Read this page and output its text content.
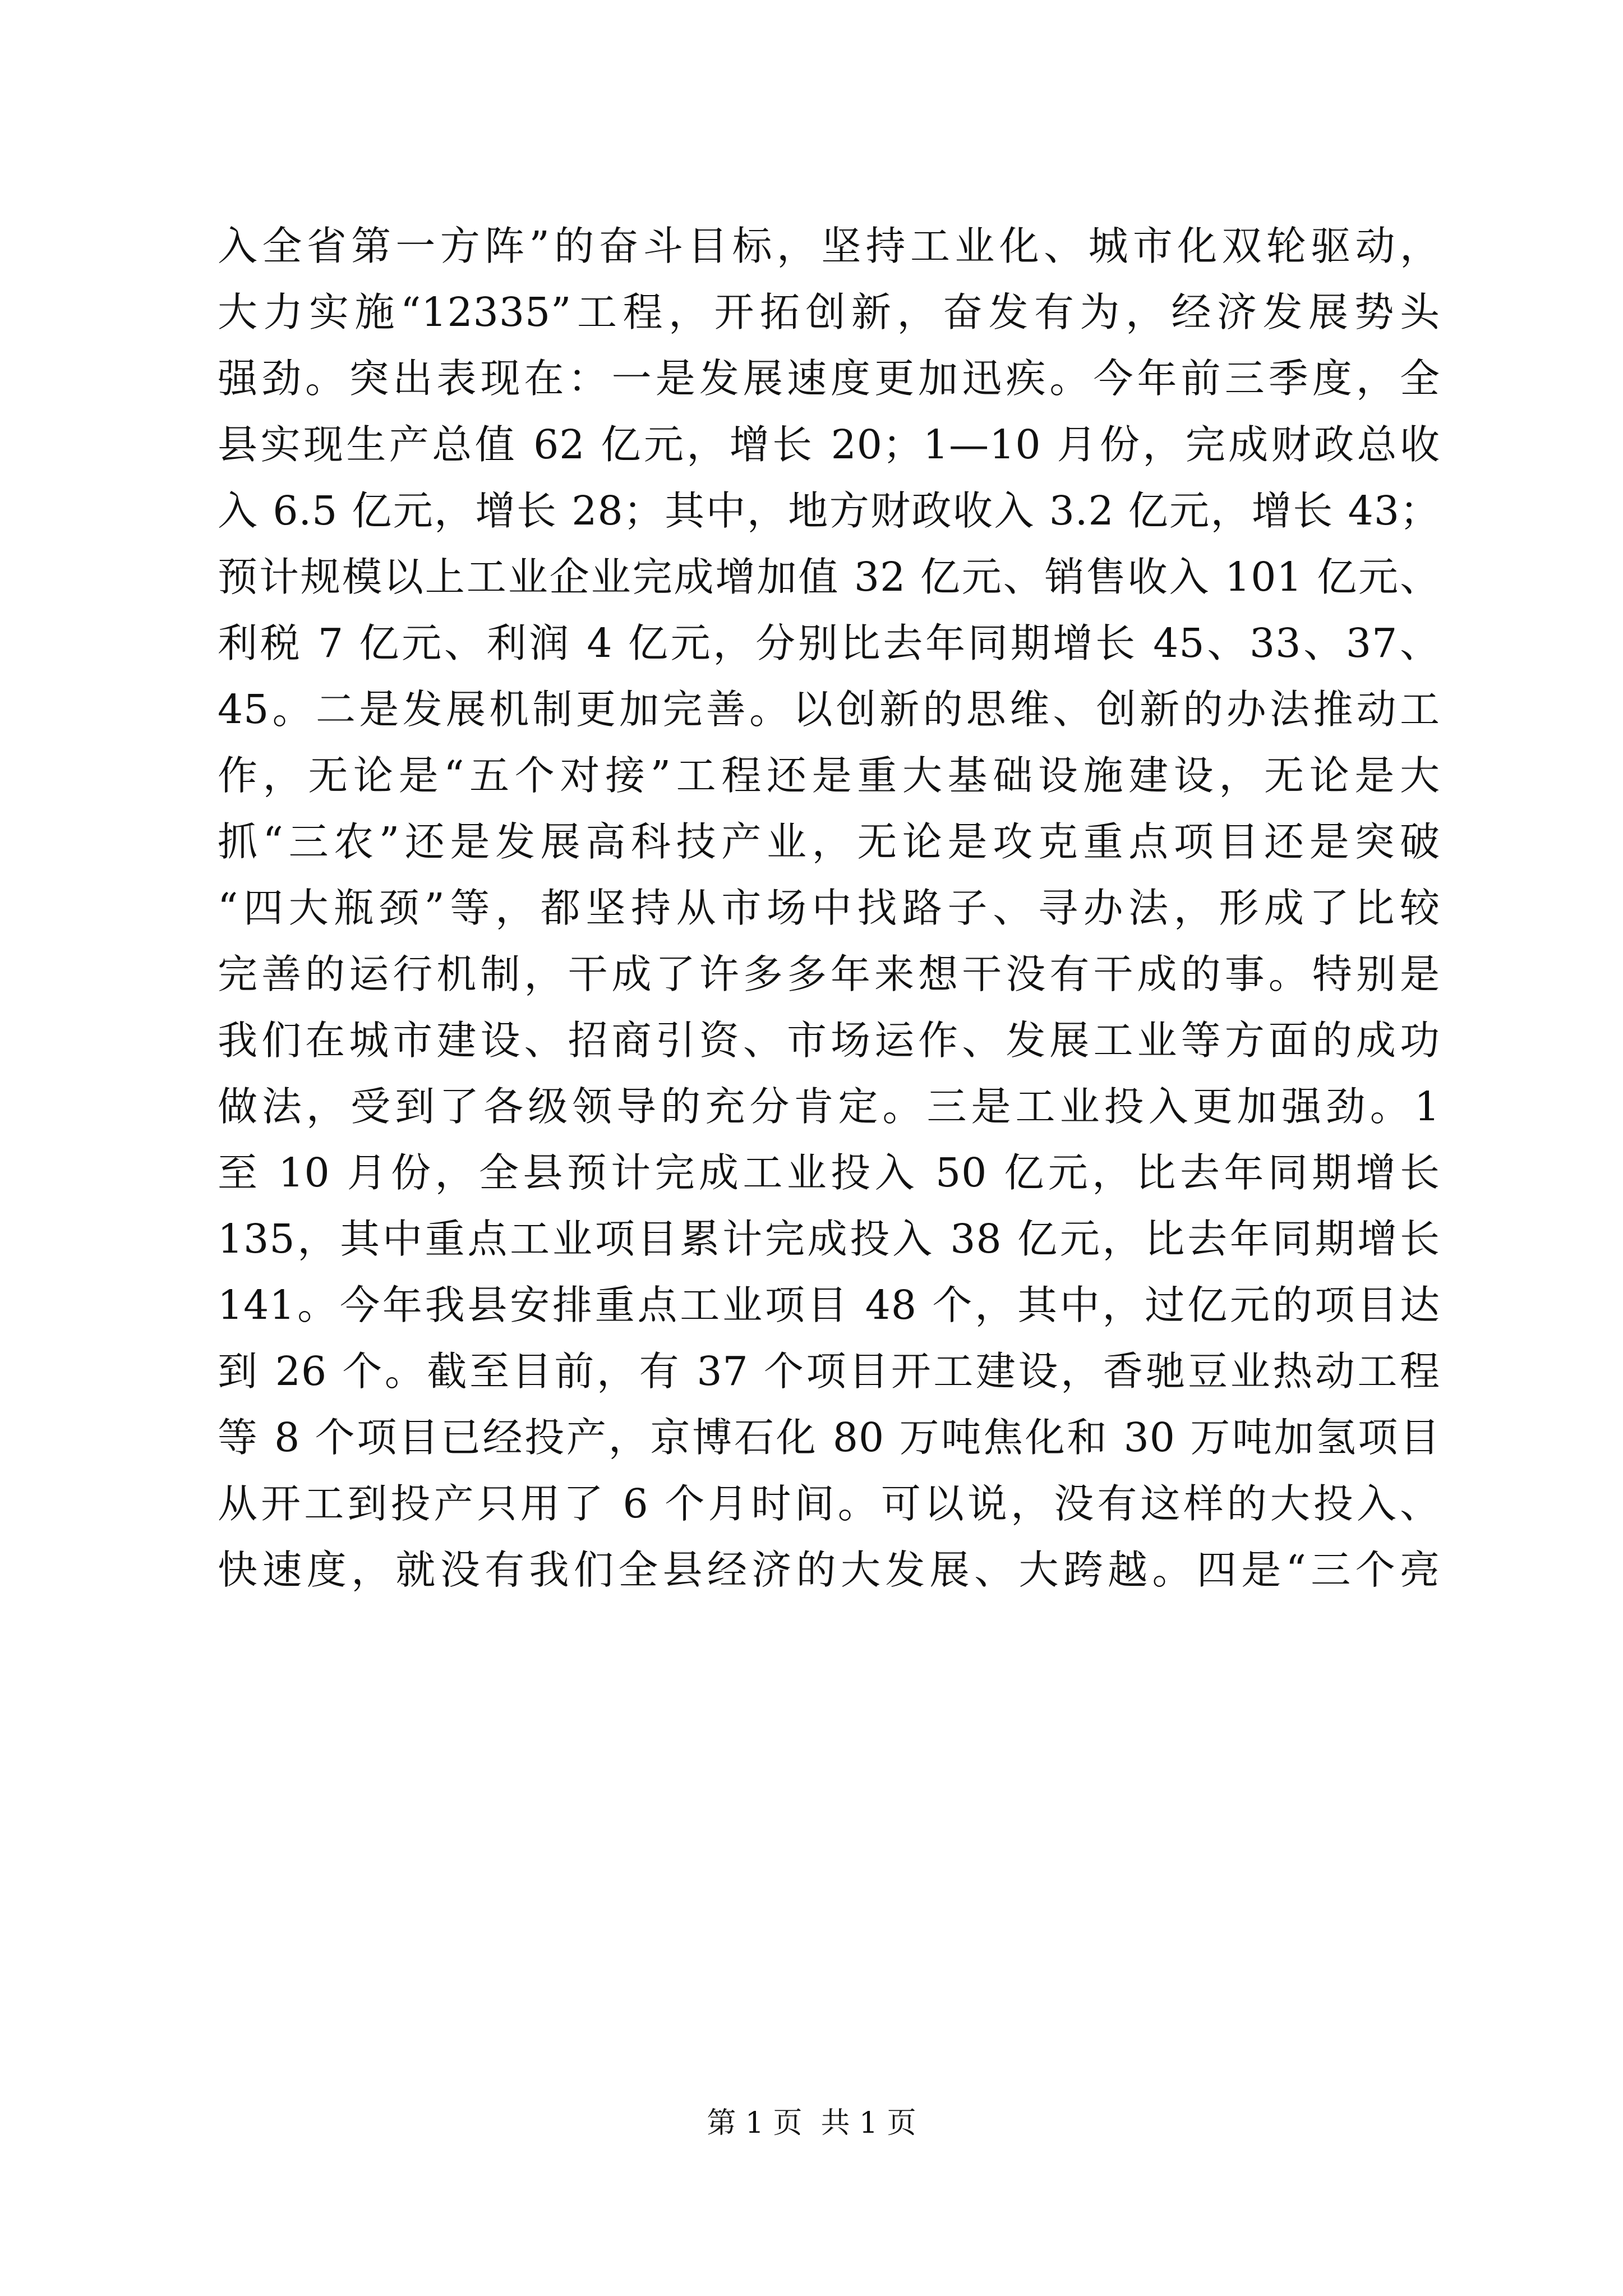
入全省第一方阵”的奋斗目标，坚持工业化、城市化双轮驱动，
大力实施“12335”工程，开拓创新，奋发有为，经济发展势头
强劲。突出表现在：一是发展速度更加迅疾。今年前三季度，全
县实现生产总值 62 亿元，增长 20；1—10 月份，完成财政总收
入 6.5 亿元，增长 28；其中，地方财政收入 3.2 亿元，增长 43；
预计规模以上工业企业完成增加值 32 亿元、销售收入 101 亿元、
利税 7 亿元、利润 4 亿元，分别比去年同期增长 45、33、37、
45。二是发展机制更加完善。以创新的思维、创新的办法推动工
作，无论是“五个对接”工程还是重大基础设施建设，无论是大
抓“三农”还是发展高科技产业，无论是攻克重点项目还是突破
“四大瓶颈”等，都坚持从市场中找路子、寻办法，形成了比较
完善的运行机制，干成了许多多年来想干没有干成的事。特别是
我们在城市建设、招商引资、市场运作、发展工业等方面的成功
做法，受到了各级领导的充分肯定。三是工业投入更加强劲。1
至 10 月份，全县预计完成工业投入 50 亿元，比去年同期增长
135，其中重点工业项目累计完成投入 38 亿元，比去年同期增长
141。今年我县安排重点工业项目 48 个，其中，过亿元的项目达
到 26 个。截至目前，有 37 个项目开工建设，香驰豆业热动工程
等 8 个项目已经投产，京博石化 80 万吨焦化和 30 万吨加氢项目
从开工到投产只用了 6 个月时间。可以说，没有这样的大投入、
快速度，就没有我们全县经济的大发展、大跨越。四是“三个亮
第 1 页  共 1 页
